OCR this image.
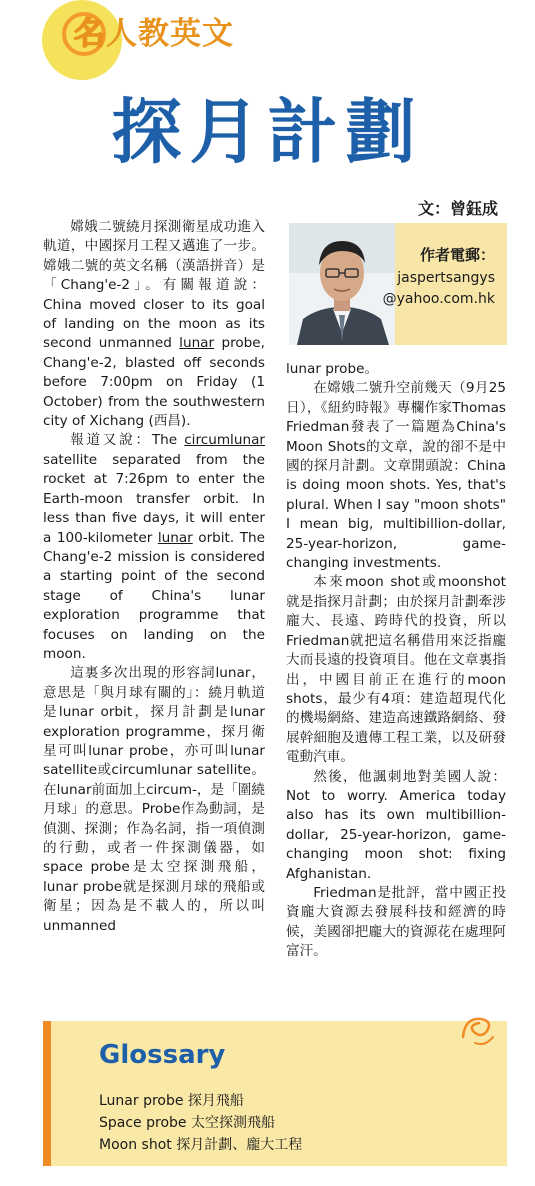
名人教英文
探月計劃
文：曾鈺成
作者電郵：
jaspertsangys
@yahoo.com.hk

嫦娥二號繞月探測衛星成功進入軌道，中國探月工程又邁進了一步。嫦娥二號的英文名稱（漢語拼音）是「Chang'e-2」。有關報道說：China moved closer to its goal of landing on the moon as its second unmanned lunar probe, Chang'e-2, blasted off seconds before 7:00pm on Friday (1 October) from the southwestern city of Xichang (西昌).

報道又說：The circumlunar satellite separated from the rocket at 7:26pm to enter the Earth-moon transfer orbit. In less than five days, it will enter a 100-kilometer lunar orbit. The Chang'e-2 mission is considered a starting point of the second stage of China's lunar exploration programme that focuses on landing on the moon.

這裏多次出現的形容詞lunar，意思是「與月球有關的」：繞月軌道是lunar orbit，探月計劃是lunar exploration programme，探月衛星可叫lunar probe，亦可叫lunar satellite或circumlunar satellite。在lunar前面加上circum-，是「圍繞月球」的意思。Probe作為動詞，是偵測、探測；作為名詞，指一項偵測的行動，或者一件探測儀器，如space probe是太空探測飛船，lunar probe就是探測月球的飛船或衛星；因為是不載人的，所以叫unmanned

lunar probe。

在嫦娥二號升空前幾天（9月25日），《紐約時報》專欄作家Thomas Friedman發表了一篇題為China's Moon Shots的文章，說的卻不是中國的探月計劃。文章開頭說：China is doing moon shots. Yes, that's plural. When I say "moon shots" I mean big, multibillion-dollar, 25-year-horizon, game-changing investments.

本來moon shot或moonshot就是指探月計劃；由於探月計劃牽涉龐大、長遠、跨時代的投資，所以Friedman就把這名稱借用來泛指龐大而長遠的投資項目。他在文章裏指出，中國目前正在進行的moon shots，最少有4項：建造超現代化的機場網絡、建造高速鐵路網絡、發展幹細胞及遺傳工程工業，以及研發電動汽車。

然後，他諷刺地對美國人說：Not to worry. America today also has its own multibillion-dollar, 25-year-horizon, game-changing moon shot: fixing Afghanistan.

Friedman是批評，當中國正投資龐大資源去發展科技和經濟的時候，美國卻把龐大的資源花在處理阿富汗。

Glossary
Lunar probe 探月飛船
Space probe 太空探測飛船
Moon shot 探月計劃、龐大工程
